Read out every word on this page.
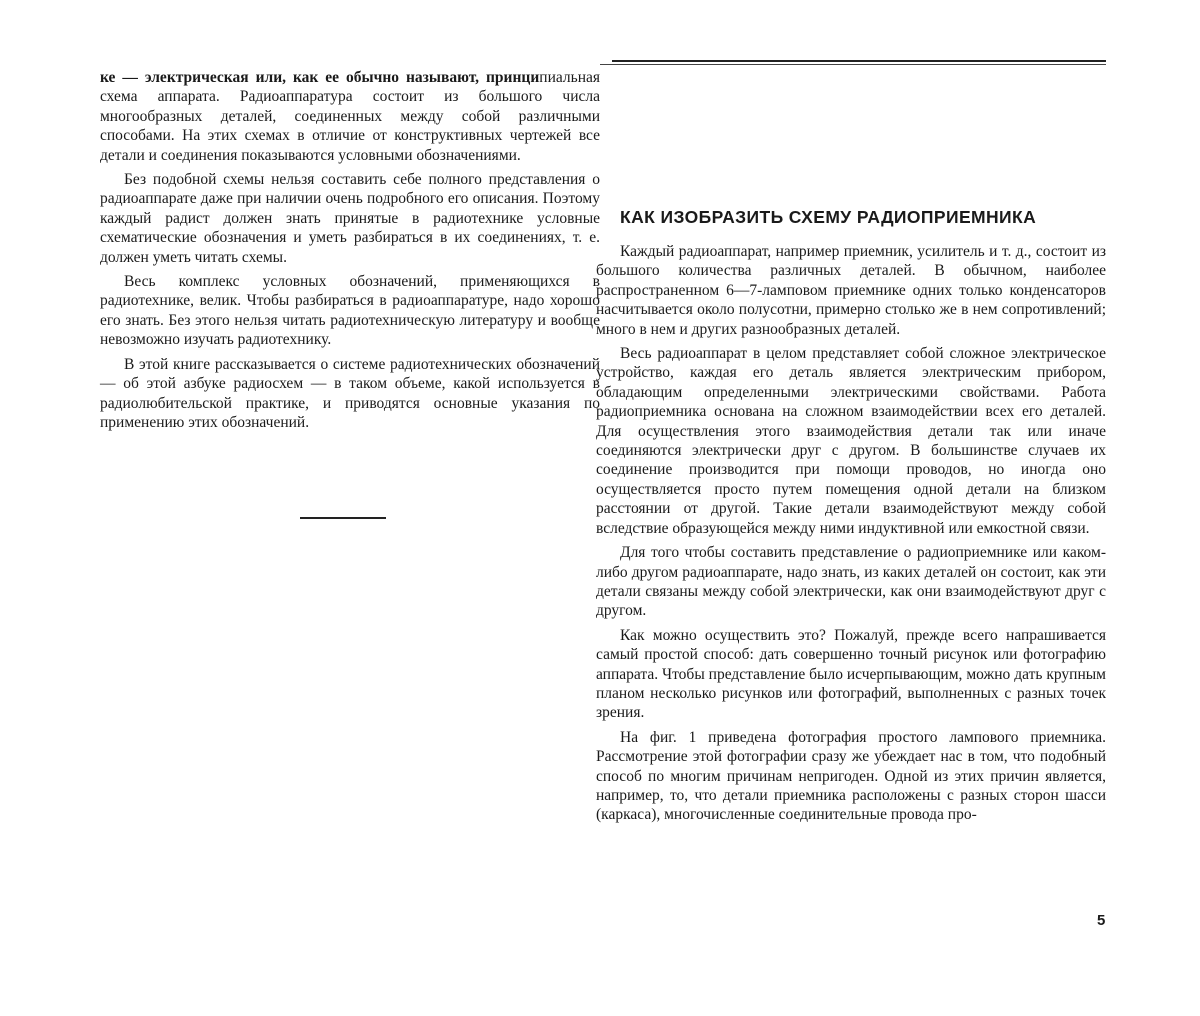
ке — электрическая или, как ее обычно называют, принципиальная схема аппарата. Радиоаппаратура состоит из большого числа многообразных деталей, соединенных между собой различными способами. На этих схемах в отличие от конструктивных чертежей все детали и соединения показываются условными обозначениями.

Без подобной схемы нельзя составить себе полного представления о радиоаппарате даже при наличии очень подробного его описания. Поэтому каждый радист должен знать принятые в радиотехнике условные схематические обозначения и уметь разбираться в их соединениях, т. е. должен уметь читать схемы.

Весь комплекс условных обозначений, применяющихся в радиотехнике, велик. Чтобы разбираться в радиоаппаратуре, надо хорошо его знать. Без этого нельзя читать радиотехническую литературу и вообще невозможно изучать радиотехнику.

В этой книге рассказывается о системе радиотехнических обозначений — об этой азбуке радиосхем — в таком объеме, какой используется в радиолюбительской практике, и приводятся основные указания по применению этих обозначений.

КАК ИЗОБРАЗИТЬ СХЕМУ РАДИОПРИЕМНИКА

Каждый радиоаппарат, например приемник, усилитель и т. д., состоит из большого количества различных деталей. В обычном, наиболее распространенном 6—7-ламповом приемнике одних только конденсаторов насчитывается около полусотни, примерно столько же в нем сопротивлений; много в нем и других разнообразных деталей.

Весь радиоаппарат в целом представляет собой сложное электрическое устройство, каждая его деталь является электрическим прибором, обладающим определенными электрическими свойствами. Работа радиоприемника основана на сложном взаимодействии всех его деталей. Для осуществления этого взаимодействия детали так или иначе соединяются электрически друг с другом. В большинстве случаев их соединение производится при помощи проводов, но иногда оно осуществляется просто путем помещения одной детали на близком расстоянии от другой. Такие детали взаимодействуют между собой вследствие образующейся между ними индуктивной или емкостной связи.

Для того чтобы составить представление о радиоприемнике или каком-либо другом радиоаппарате, надо знать, из каких деталей он состоит, как эти детали связаны между собой электрически, как они взаимодействуют друг с другом.

Как можно осуществить это? Пожалуй, прежде всего напрашивается самый простой способ: дать совершенно точный рисунок или фотографию аппарата. Чтобы представление было исчерпывающим, можно дать крупным планом несколько рисунков или фотографий, выполненных с разных точек зрения.

На фиг. 1 приведена фотография простого лампового приемника. Рассмотрение этой фотографии сразу же убеждает нас в том, что подобный способ по многим причинам непригоден. Одной из этих причин является, например, то, что детали приемника расположены с разных сторон шасси (каркаса), многочисленные соединительные провода про-

5
